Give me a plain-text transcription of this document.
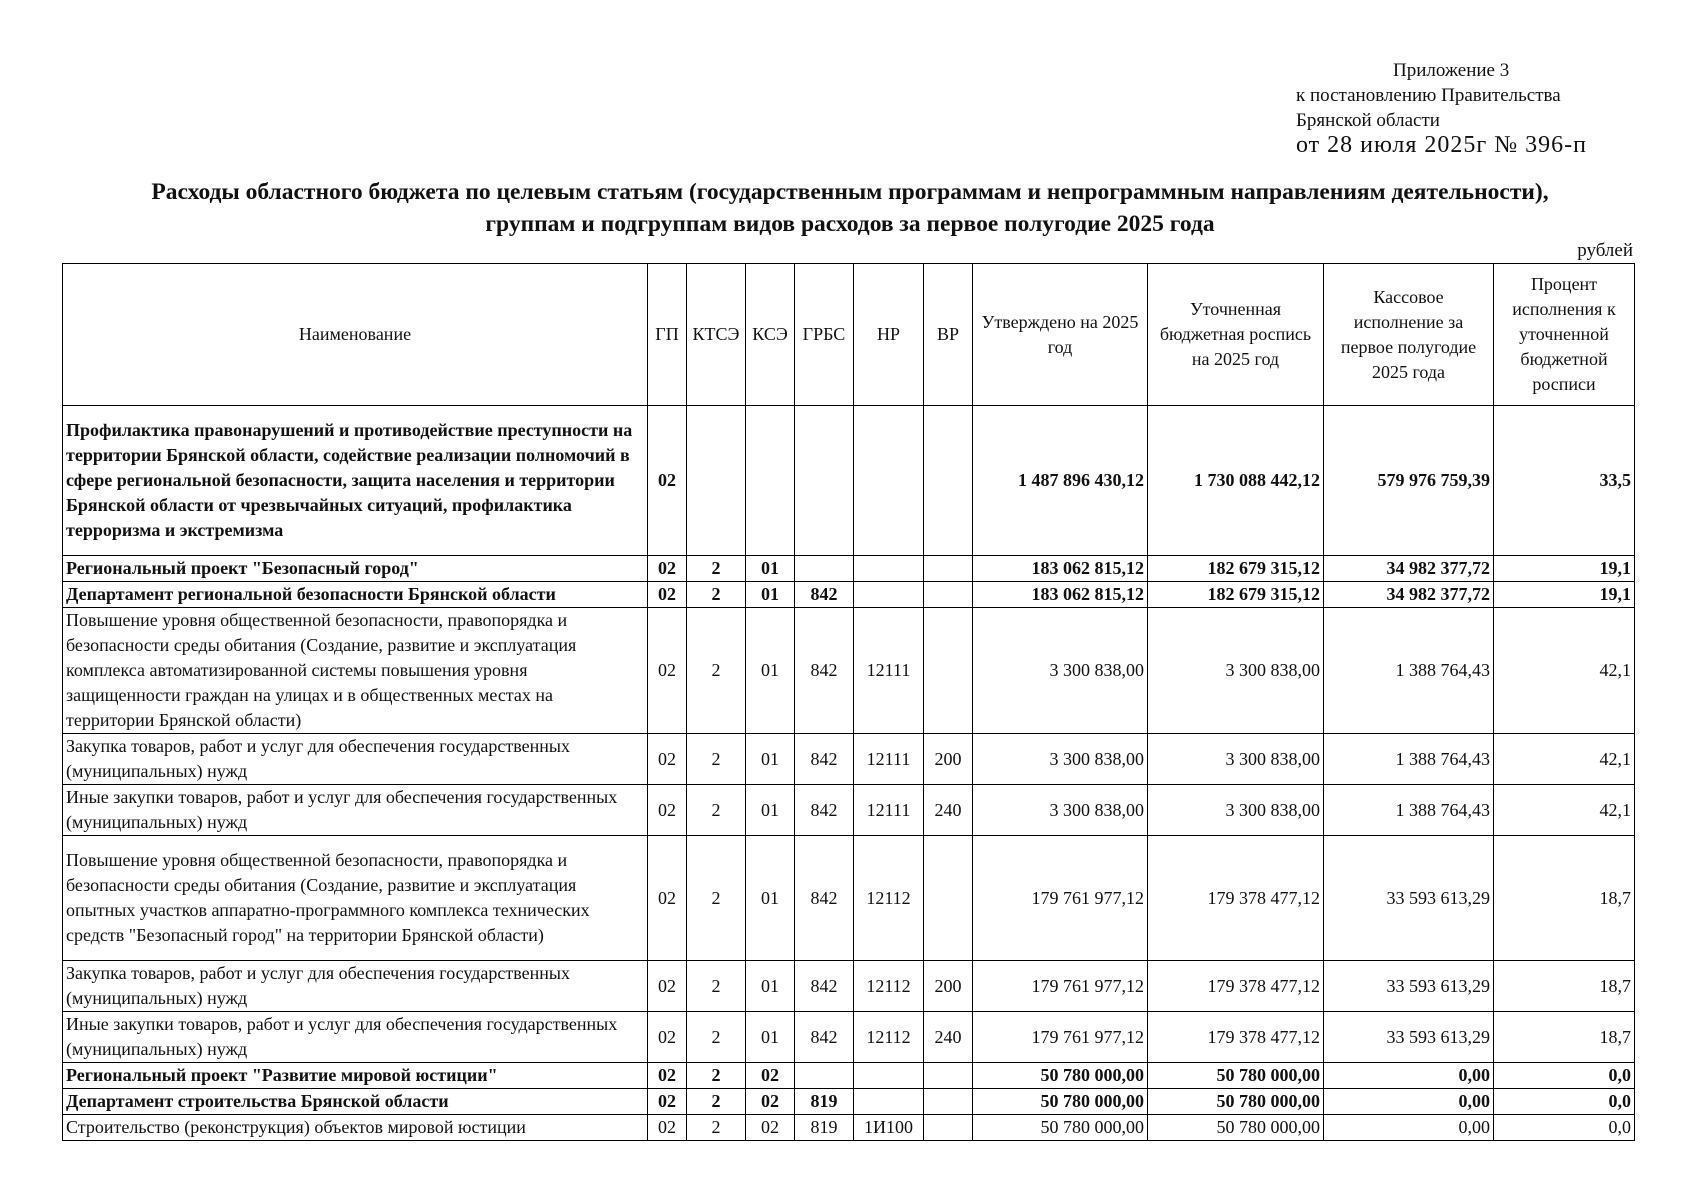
Приложение 3
к постановлению Правительства
Брянской области
от 28 июля 2025г № 396-п
Расходы областного бюджета по целевым статьям (государственным программам и непрограммным направлениям деятельности),
группам и подгруппам видов расходов за первое полугодие 2025 года
рублей
Наименование	ГП	КТСЭ	КСЭ	ГРБС	НР	ВР	Утверждено на 2025 год	Уточненная бюджетная роспись на 2025 год	Кассовое исполнение за первое полугодие 2025 года	Процент исполнения к уточненной бюджетной росписи
Профилактика правонарушений и противодействие преступности на территории Брянской области, содействие реализации полномочий в сфере региональной безопасности, защита населения и территории Брянской области от чрезвычайных ситуаций, профилактика терроризма и экстремизма	02						1 487 896 430,12	1 730 088 442,12	579 976 759,39	33,5
Региональный проект "Безопасный город"	02	2	01				183 062 815,12	182 679 315,12	34 982 377,72	19,1
Департамент региональной безопасности Брянской области	02	2	01	842			183 062 815,12	182 679 315,12	34 982 377,72	19,1
Повышение уровня общественной безопасности, правопорядка и безопасности среды обитания (Создание, развитие и эксплуатация комплекса автоматизированной системы повышения уровня защищенности граждан на улицах и в общественных местах на территории Брянской области)	02	2	01	842	12111		3 300 838,00	3 300 838,00	1 388 764,43	42,1
Закупка товаров, работ и услуг для обеспечения государственных (муниципальных) нужд	02	2	01	842	12111	200	3 300 838,00	3 300 838,00	1 388 764,43	42,1
Иные закупки товаров, работ и услуг для обеспечения государственных (муниципальных) нужд	02	2	01	842	12111	240	3 300 838,00	3 300 838,00	1 388 764,43	42,1
Повышение уровня общественной безопасности, правопорядка и безопасности среды обитания (Создание, развитие и эксплуатация опытных участков аппаратно-программного комплекса технических средств "Безопасный город" на территории Брянской области)	02	2	01	842	12112		179 761 977,12	179 378 477,12	33 593 613,29	18,7
Закупка товаров, работ и услуг для обеспечения государственных (муниципальных) нужд	02	2	01	842	12112	200	179 761 977,12	179 378 477,12	33 593 613,29	18,7
Иные закупки товаров, работ и услуг для обеспечения государственных (муниципальных) нужд	02	2	01	842	12112	240	179 761 977,12	179 378 477,12	33 593 613,29	18,7
Региональный проект "Развитие мировой юстиции"	02	2	02				50 780 000,00	50 780 000,00	0,00	0,0
Департамент строительства Брянской области	02	2	02	819			50 780 000,00	50 780 000,00	0,00	0,0
Строительство (реконструкция) объектов мировой юстиции	02	2	02	819	1И100		50 780 000,00	50 780 000,00	0,00	0,0
